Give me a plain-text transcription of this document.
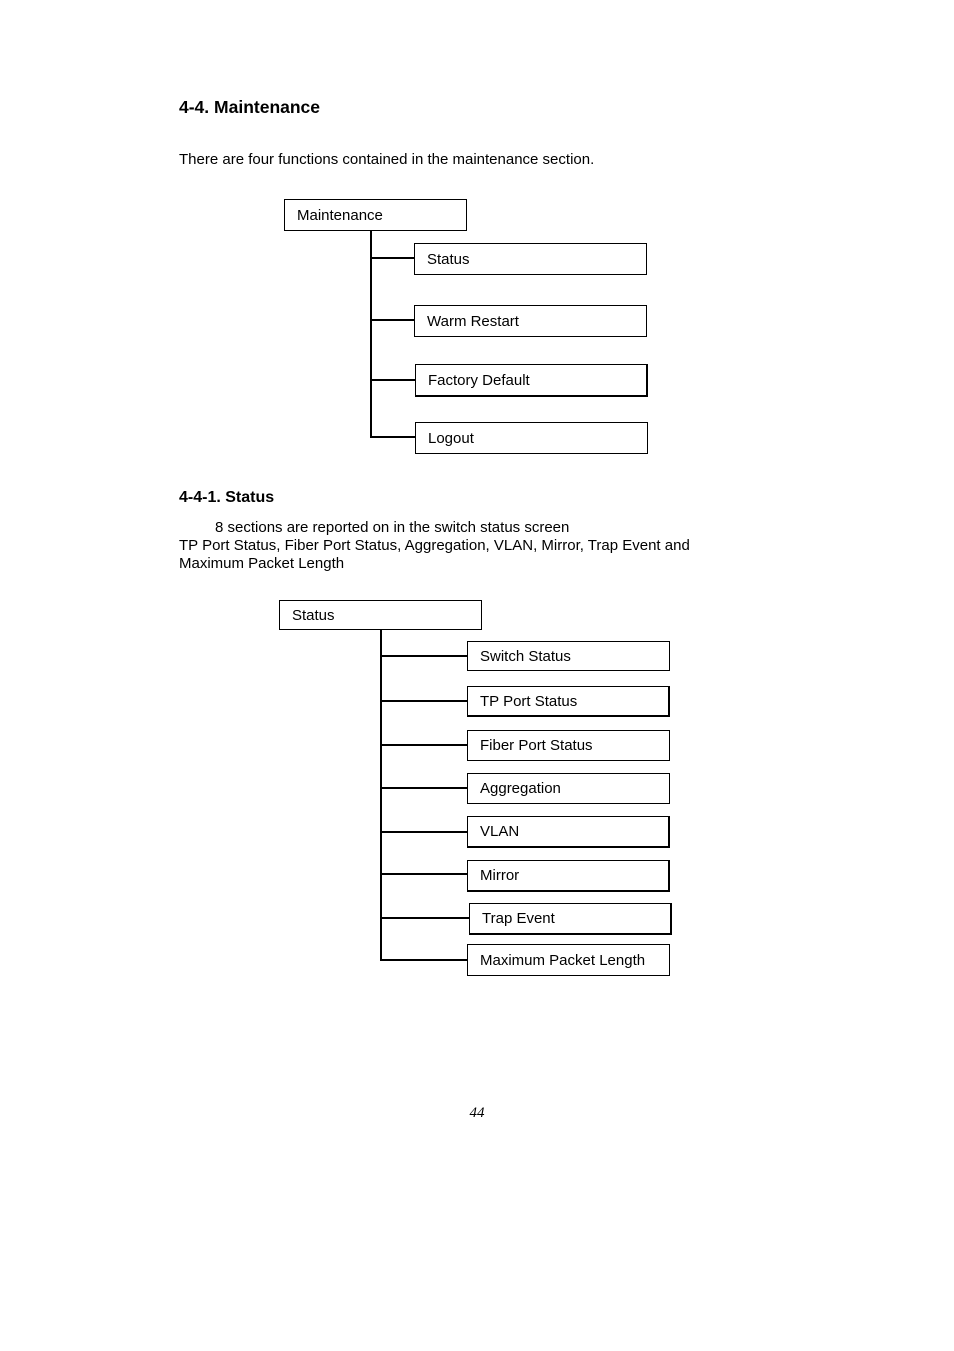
4-4. Maintenance
There are four functions contained in the maintenance section.
Maintenance
Status
Warm Restart
Factory Default
Logout
4-4-1. Status
8 sections are reported on in the switch status screen
TP Port Status, Fiber Port Status, Aggregation, VLAN, Mirror, Trap Event and
Maximum Packet Length
Status
Switch Status
TP Port Status
Fiber Port Status
Aggregation
VLAN
Mirror
Trap Event
Maximum Packet Length
44
